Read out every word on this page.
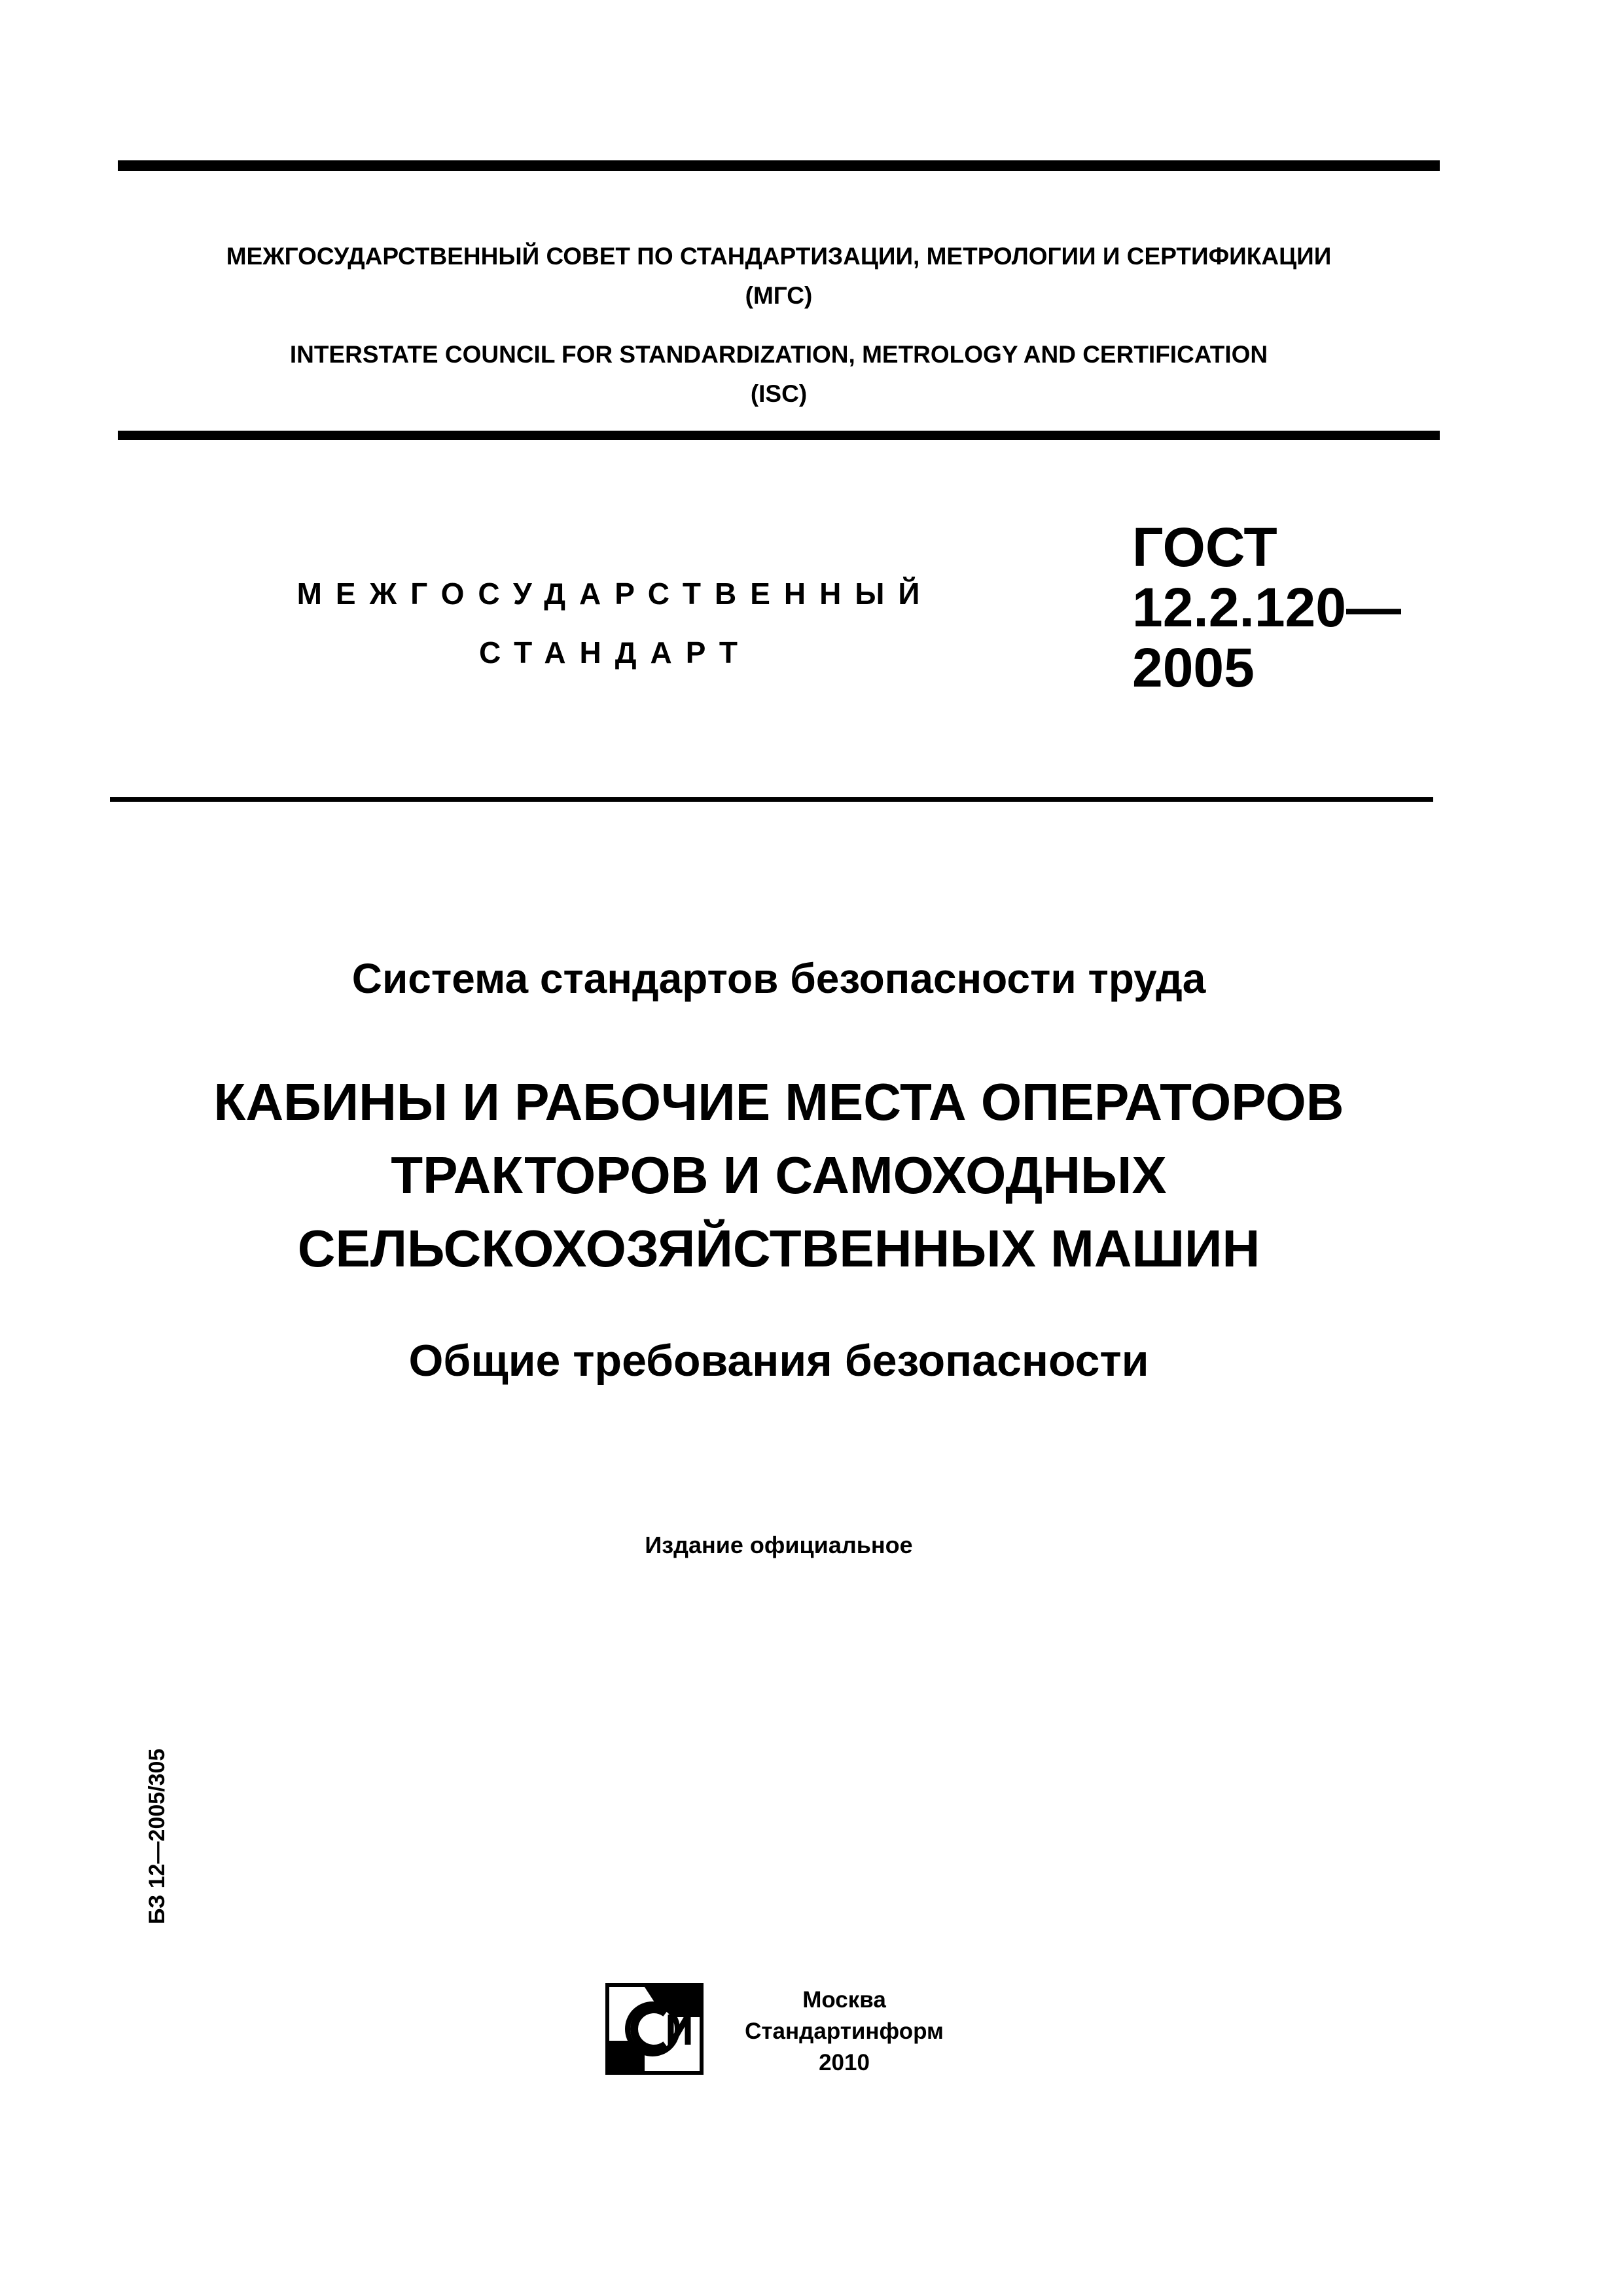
МЕЖГОСУДАРСТВЕННЫЙ СОВЕТ ПО СТАНДАРТИЗАЦИИ, МЕТРОЛОГИИ И СЕРТИФИКАЦИИ
(МГС)
INTERSTATE COUNCIL FOR STANDARDIZATION, METROLOGY AND CERTIFICATION
(ISC)
МЕЖГОСУДАРСТВЕННЫЙ
СТАНДАРТ
ГОСТ
12.2.120—
2005
Система стандартов безопасности труда
КАБИНЫ И РАБОЧИЕ МЕСТА ОПЕРАТОРОВ
ТРАКТОРОВ И САМОХОДНЫХ
СЕЛЬСКОХОЗЯЙСТВЕННЫХ МАШИН
Общие требования безопасности
Издание официальное
БЗ 12—2005/305
Москва
Стандартинформ
2010
